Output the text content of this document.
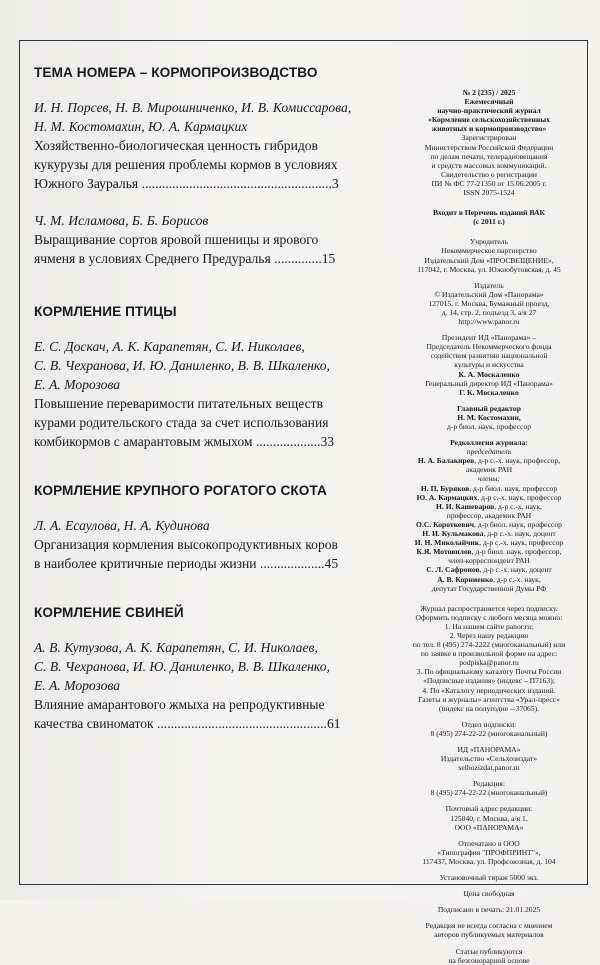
ТЕМА НОМЕРА – КОРМОПРОИЗВОДСТВО
И. Н. Порсев, Н. В. Мирошниченко, И. В. Комиссарова,
Н. М. Костомахин, Ю. А. Кармацких
Хозяйственно-биологическая ценность гибридов
кукурузы для решения проблемы кормов в условиях
Южного Зауралья ........................................................3
Ч. М. Исламова, Б. Б. Борисов
Выращивание сортов яровой пшеницы и ярового
ячменя в условиях Среднего Предуралья ..............15
КОРМЛЕНИЕ ПТИЦЫ
Е. С. Доскач, А. К. Карапетян, С. И. Николаев,
С. В. Чехранова, И. Ю. Даниленко, В. В. Шкаленко,
Е. А. Морозова
Повышение переваримости питательных веществ
курами родительского стада за счет использования
комбикормов с амарантовым жмыхом ...................33
КОРМЛЕНИЕ КРУПНОГО РОГАТОГО СКОТА
Л. А. Есаулова, Н. А. Кудинова
Организация кормления высокопродуктивных коров
в наиболее критичные периоды жизни ...................45
КОРМЛЕНИЕ СВИНЕЙ
А. В. Кутузова, А. К. Карапетян, С. И. Николаев,
С. В. Чехранова, И. Ю. Даниленко, В. В. Шкаленко,
Е. А. Морозова
Влияние амарантового жмыха на репродуктивные
качества свиноматок ..................................................61
№ 2 (235) / 2025
Ежемесячный
научно-практический журнал
«Кормление сельскохозяйственных
животных и кормопроизводство»
Зарегистрирован
Министерством Российской Федерации
по делам печати, телерадиовещания
и средств массовых коммуникаций.
Свидетельство о регистрации
ПИ № ФС 77-21350 от 15.06.2005 г.
ISSN 2075-1524
Входит в Перечень изданий ВАК
(с 2011 г.)
Учредитель
Некоммерческое партнерство
Издательский Дом «ПРОСВЕЩЕНИЕ»,
117042, г. Москва, ул. Южнобутовская, д. 45
Издатель
© Издательский Дом «Панорама»
127015, г. Москва, Бумажный проезд,
д. 14, стр. 2, подъезд 3, а/я 27
http://www.panor.ru
Президент ИД «Панорама» –
Председатель Некоммерческого фонда
содействия развитию национальной
культуры и искусства
К. А. Москаленко
Генеральный директор ИД «Панорама»
Г. К. Москаленко
Главный редактор
Н. М. Костомахин,
д-р биол. наук, профессор
Редколлегия журнала:
председатель
Н. А. Балакирев, д-р с.-х. наук, профессор,
академик РАН
члены:
Н. П. Буряков, д-р биол. наук, профессор
Ю. А. Кармацких, д-р с.-х. наук, профессор
Н. И. Кашеваров, д-р с.-х. наук,
профессор, академик РАН
О.С. Короткевич, д-р биол. наук, профессор
Н. И. Кульмакова, д-р с.-х. наук, доцент
И. Н. Миколайчик, д-р с.-х. наук, профессор
К.Я. Мотовилов, д-р биол. наук, профессор,
член-корреспондент РАН
С. Л. Сафронов, д-р с.-х. наук, доцент
А. В. Корниенко, д-р с.-х. наук,
депутат Государственной Думы РФ
Журнал распространяется через подписку.
Оформить подписку с любого месяца можно:
1. На нашем сайте panor.ru;
2. Через нашу редакцию
по тел. 8 (495) 274-2222 (многоканальный) или
по заявке в произвольной форме на адрес:
podpiska@panor.ru
3. По официальному каталогу Почты России
«Подписные издания» (индекс – П7163);
4. По «Каталогу периодических изданий.
Газеты и журналы» агентства «Урал-пресс»
(индекс на полугодие – 37065).
Отдел подписки:
8 (495) 274-22-22 (многоканальный)
ИД «ПАНОРАМА»
Издательство «Сельхозиздат»
selhozizdat.panor.ru
Редакция:
8 (495) 274-22-22 (многоканальный)
Почтовый адрес редакции:
125040, г. Москва, а/я 1,
ООО «ПАНОРАМА»
Отпечатано в ООО
«Типография "ПРОФПРИНТ"»,
117437, Москва, ул. Профсоюзная, д. 104
Установочный тираж 5000 экз.
Цена свободная
Подписано в печать: 21.01.2025
Редакция не всегда согласна с мнением
авторов публикуемых материалов
Статьи публикуются
на безгонорарной основе
